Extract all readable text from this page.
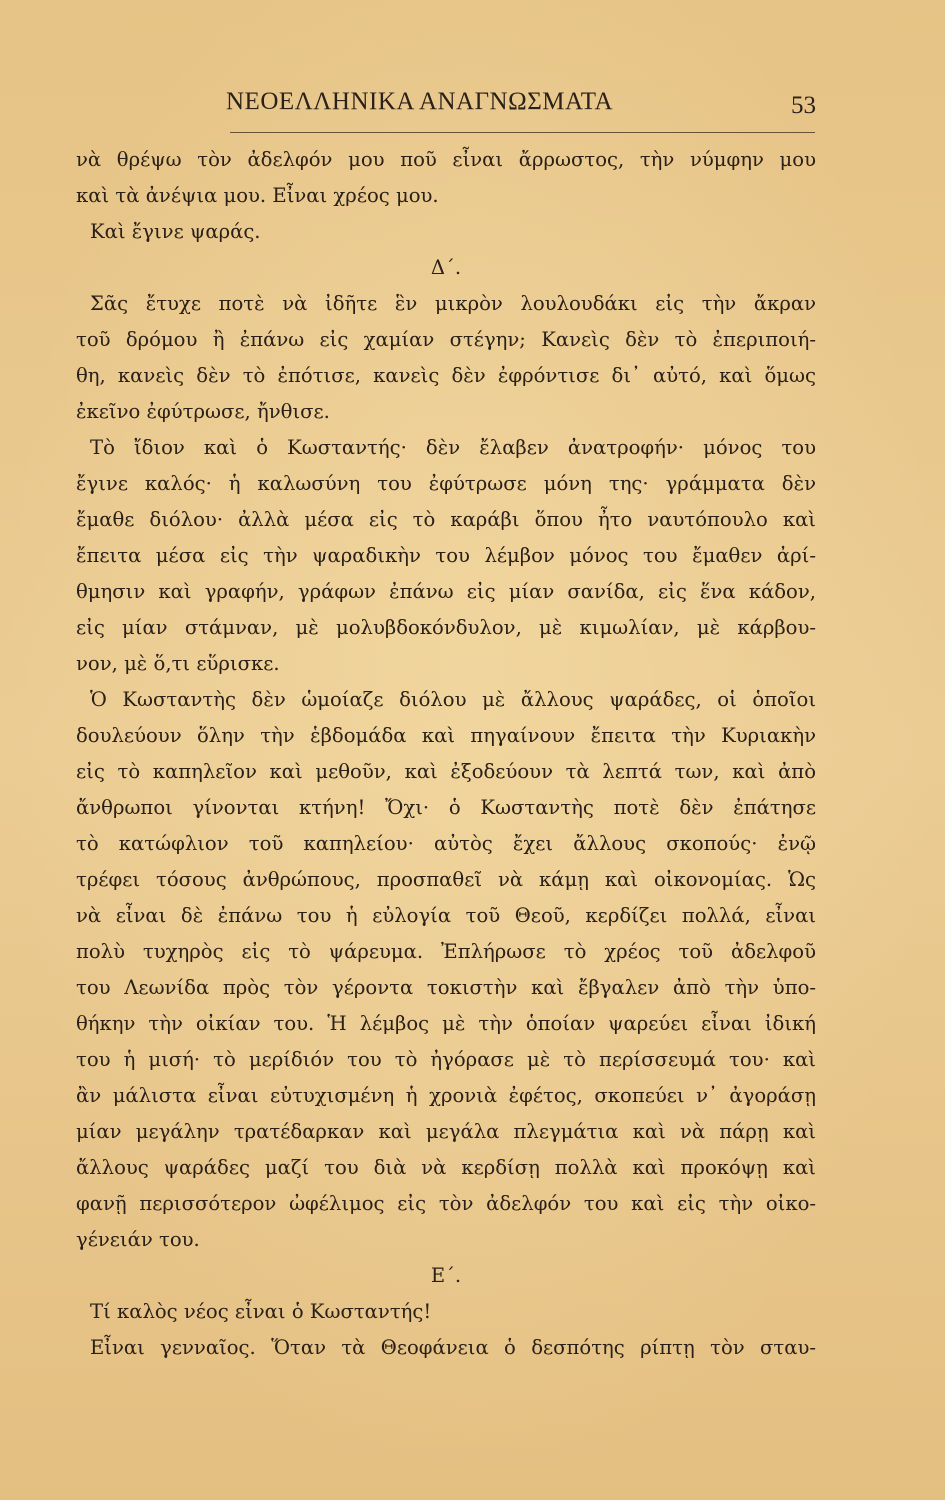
ΝΕΟΕΛΛΗΝΙΚΑ ΑΝΑΓΝΩΣΜΑΤΑ	53
νὰ θρέψω τὸν ἀδελφόν μου ποῦ εἶναι ἄρρωστος, τὴν νύμφην μου
καὶ τὰ ἀνέψια μου. Εἶναι χρέος μου.
Καὶ ἔγινε ψαράς.
Δ΄.
Σᾶς ἔτυχε ποτὲ νὰ ἰδῆτε ἓν μικρὸν λουλουδάκι εἰς τὴν ἄκραν
τοῦ δρόμου ἢ ἐπάνω εἰς χαμίαν στέγην; Κανεὶς δὲν τὸ ἐπεριποιή-
θη, κανεὶς δὲν τὸ ἐπότισε, κανεὶς δὲν ἐφρόντισε δι᾽ αὐτό, καὶ ὅμως
ἐκεῖνο ἐφύτρωσε, ἤνθισε.
Τὸ ἴδιον καὶ ὁ Κωσταντής· δὲν ἔλαβεν ἀνατροφήν· μόνος του
ἔγινε καλός· ἡ καλωσύνη του ἐφύτρωσε μόνη της· γράμματα δὲν
ἔμαθε διόλου· ἀλλὰ μέσα εἰς τὸ καράβι ὅπου ἦτο ναυτόπουλο καὶ
ἔπειτα μέσα εἰς τὴν ψαραδικὴν του λέμβον μόνος του ἔμαθεν ἀρί-
θμησιν καὶ γραφήν, γράφων ἐπάνω εἰς μίαν σανίδα, εἰς ἕνα κάδον,
εἰς μίαν στάμναν, μὲ μολυβδοκόνδυλον, μὲ κιμωλίαν, μὲ κάρβου-
νον, μὲ ὅ,τι εὕρισκε.
Ὁ Κωσταντὴς δὲν ὡμοίαζε διόλου μὲ ἄλλους ψαράδες, οἱ ὁποῖοι
δουλεύουν ὅλην τὴν ἑβδομάδα καὶ πηγαίνουν ἔπειτα τὴν Κυριακὴν
εἰς τὸ καπηλεῖον καὶ μεθοῦν, καὶ ἐξοδεύουν τὰ λεπτά των, καὶ ἀπὸ
ἄνθρωποι γίνονται κτήνη! Ὄχι· ὁ Κωσταντὴς ποτὲ δὲν ἐπάτησε
τὸ κατώφλιον τοῦ καπηλείου· αὐτὸς ἔχει ἄλλους σκοπούς· ἐνῷ
τρέφει τόσους ἀνθρώπους, προσπαθεῖ νὰ κάμῃ καὶ οἰκονομίας. Ὡς
νὰ εἶναι δὲ ἐπάνω του ἡ εὐλογία τοῦ Θεοῦ, κερδίζει πολλά, εἶναι
πολὺ τυχηρὸς εἰς τὸ ψάρευμα. Ἐπλήρωσε τὸ χρέος τοῦ ἀδελφοῦ
του Λεωνίδα πρὸς τὸν γέροντα τοκιστὴν καὶ ἔβγαλεν ἀπὸ τὴν ὑπο-
θήκην τὴν οἰκίαν του. Ἡ λέμβος μὲ τὴν ὁποίαν ψαρεύει εἶναι ἰδική
του ἡ μισή· τὸ μερίδιόν του τὸ ἠγόρασε μὲ τὸ περίσσευμά του· καὶ
ἂν μάλιστα εἶναι εὐτυχισμένη ἡ χρονιὰ ἐφέτος, σκοπεύει ν᾽ ἀγοράσῃ
μίαν μεγάλην τρατέδαρκαν καὶ μεγάλα πλεγμάτια καὶ νὰ πάρῃ καὶ
ἄλλους ψαράδες μαζί του διὰ νὰ κερδίσῃ πολλὰ καὶ προκόψῃ καὶ
φανῇ περισσότερον ὠφέλιμος εἰς τὸν ἀδελφόν του καὶ εἰς τὴν οἰκο-
γένειάν του.
Ε΄.
Τί καλὸς νέος εἶναι ὁ Κωσταντής!
Εἶναι γενναῖος. Ὅταν τὰ Θεοφάνεια ὁ δεσπότης ρίπτῃ τὸν σταυ-
